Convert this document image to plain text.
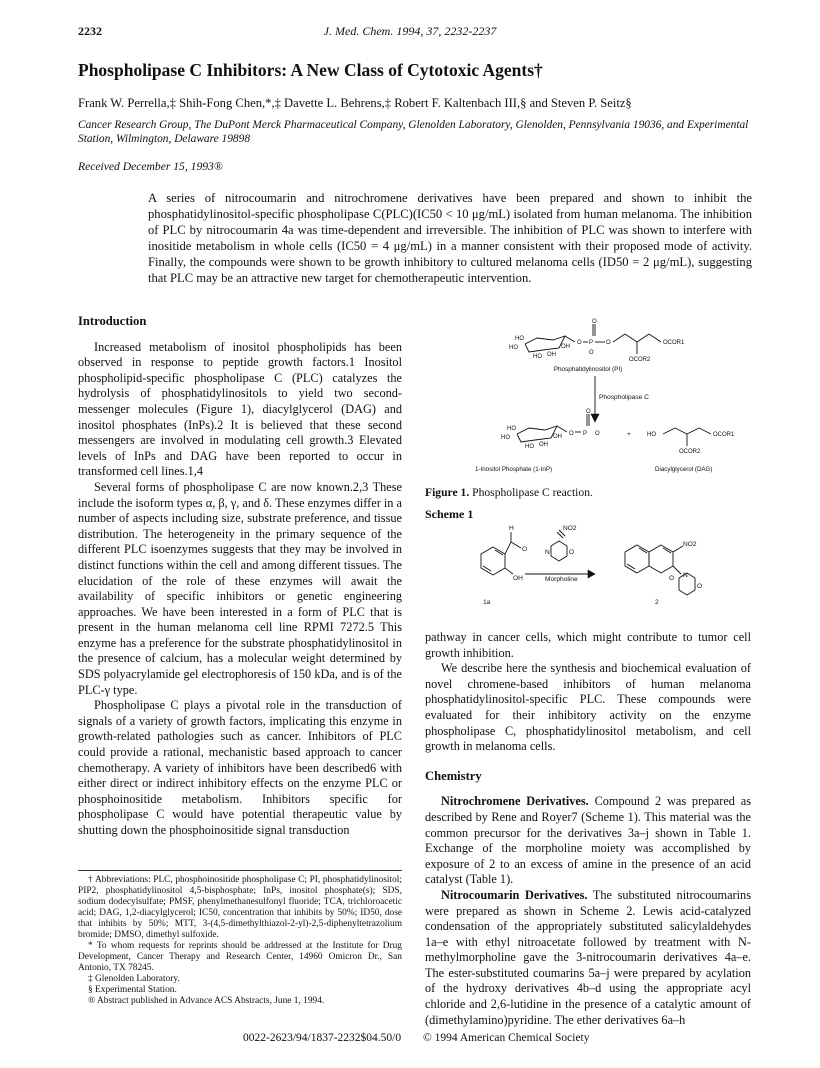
2232	J. Med. Chem. 1994, 37, 2232-2237
Phospholipase C Inhibitors: A New Class of Cytotoxic Agents†
Frank W. Perrella,‡ Shih-Fong Chen,*,‡ Davette L. Behrens,‡ Robert F. Kaltenbach III,§ and Steven P. Seitz§
Cancer Research Group, The DuPont Merck Pharmaceutical Company, Glenolden Laboratory, Glenolden, Pennsylvania 19036, and Experimental Station, Wilmington, Delaware 19898
Received December 15, 1993®
A series of nitrocoumarin and nitrochromene derivatives have been prepared and shown to inhibit the phosphatidylinositol-specific phospholipase C(PLC)(IC50 < 10 μg/mL) isolated from human melanoma. The inhibition of PLC by nitrocoumarin 4a was time-dependent and irreversible. The inhibition of PLC was shown to interfere with inositide metabolism in whole cells (IC50 = 4 μg/mL) in a manner consistent with their proposed mode of activity. Finally, the compounds were shown to be growth inhibitory to cultured melanoma cells (ID50 = 2 μg/mL), suggesting that PLC may be an attractive new target for chemotherapeutic intervention.
Introduction

Increased metabolism of inositol phospholipids has been observed in response to peptide growth factors.1 Inositol phospholipid-specific phospholipase C (PLC) catalyzes the hydrolysis of phosphatidylinositols to yield two second-messenger molecules (Figure 1), diacylglycerol (DAG) and inositol phosphates (InPs).2 It is believed that these second messengers are involved in modulating cell growth.3 Elevated levels of InPs and DAG have been reported to occur in transformed cell lines.1,4

Several forms of phospholipase C are now known.2,3 These include the isoform types α, β, γ, and δ. These enzymes differ in a number of aspects including size, substrate preference, and tissue distribution. The heterogeneity in the primary sequence of the different PLC isoenzymes suggests that they may be involved in distinct functions within the cell and among different tissues. The elucidation of the role of these enzymes will await the availability of specific inhibitors or genetic engineering approaches. We have been interested in a form of PLC that is present in the human melanoma cell line RPMI 7272.5 This enzyme has a preference for the substrate phosphatidylinositol in the presence of calcium, has a molecular weight determined by SDS polyacrylamide gel electrophoresis of 150 kDa, and is of the PLC-γ type.

Phospholipase C plays a pivotal role in the transduction of signals of a variety of growth factors, implicating this enzyme in growth-related pathologies such as cancer. Inhibitors of PLC could provide a rational, mechanistic based approach to cancer chemotherapy. A variety of inhibitors have been described6 with either direct or indirect inhibitory effects on the enzyme PLC or phosphoinositide metabolism. Inhibitors specific for phospholipase C would have potential therapeutic value by shutting down the phosphoinositide signal transduction

† Abbreviations: PLC, phosphoinositide phospholipase C; PI, phosphatidylinositol; PIP2, phosphatidylinositol 4,5-bisphosphate; InPs, inositol phosphate(s); SDS, sodium dodecylsulfate; PMSF, phenylmethanesulfonyl fluoride; TCA, trichloroacetic acid; DAG, 1,2-diacylglycerol; IC50, concentration that inhibits by 50%; ID50, dose that inhibits by 50%; MTT, 3-(4,5-dimethylthiazol-2-yl)-2,5-diphenyltetrazolium bromide; DMSO, dimethyl sulfoxide.
* To whom requests for reprints should be addressed at the Institute for Drug Development, Cancer Therapy and Research Center, 14960 Omicron Dr., San Antonio, TX 78245.
‡ Glenolden Laboratory.
§ Experimental Station.
® Abstract published in Advance ACS Abstracts, June 1, 1994.
HO
HO
HO OH
OH
O P
O
O
O	OCOR1
OCOR2
HO
HO
HO OH
OH O P
O
O	+	HO	OCOR1
OCOR2
H
O
OH
NO2
N	O
NO2
O N
O
Phosphatidylinositol (PI)
Phospholipase C
1-Inositol Phosphate (1-InP)	Diacylglycerol (DAG)
Figure 1. Phospholipase C reaction.
Scheme 1
Morpholine
1a	2

pathway in cancer cells, which might contribute to tumor cell growth inhibition.

We describe here the synthesis and biochemical evaluation of novel chromene-based inhibitors of human melanoma phosphatidylinositol-specific PLC. These compounds were evaluated for their inhibitory activity on the enzyme phospholipase C, phosphatidylinositol metabolism, and cell growth in melanoma cells.

Chemistry

Nitrochromene Derivatives. Compound 2 was prepared as described by Rene and Royer7 (Scheme 1). This material was the common precursor for the derivatives 3a–j shown in Table 1. Exchange of the morpholine moiety was accomplished by exposure of 2 to an excess of amine in the presence of an acid catalyst (Table 1).

Nitrocoumarin Derivatives. The substituted nitrocoumarins were prepared as shown in Scheme 2. Lewis acid-catalyzed condensation of the appropriately substituted salicylaldehydes 1a–e with ethyl nitroacetate followed by treatment with N-methylmorpholine gave the 3-nitrocoumarin derivatives 4a–e. The ester-substituted coumarins 5a–j were prepared by acylation of the hydroxy derivatives 4b–d using the appropriate acyl chloride and 2,6-lutidine in the presence of a catalytic amount of (dimethylamino)pyridine. The ether derivatives 6a–h

0022-2623/94/1837-2232$04.50/0 © 1994 American Chemical Society
